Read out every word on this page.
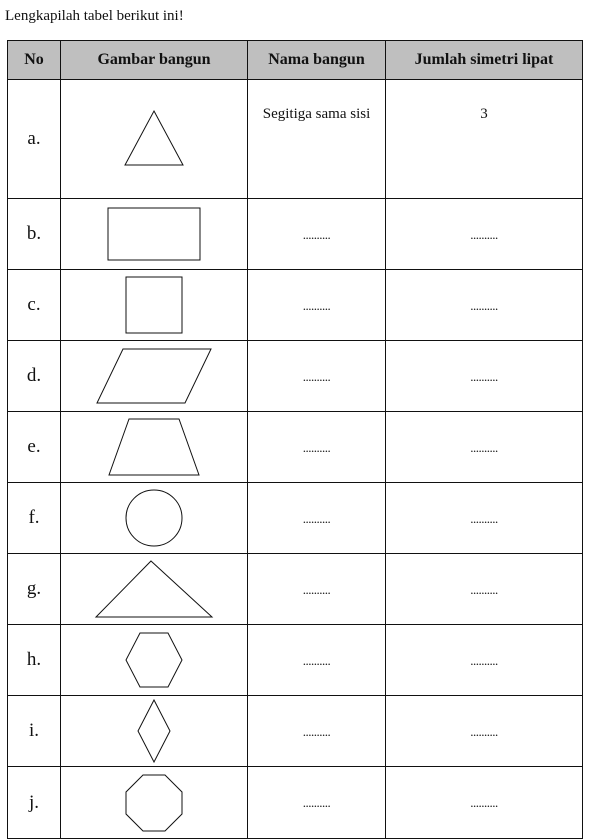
Lengkapilah tabel berikut ini!
No	Gambar bangun	Nama bangun	Jumlah simetri lipat
a.		Segitiga sama sisi	3
b.		..........	..........
c.		..........	..........
d.		..........	..........
e.		..........	..........
f.		..........	..........
g.		..........	..........
h.		..........	..........
i.		..........	..........
j.		..........	..........
